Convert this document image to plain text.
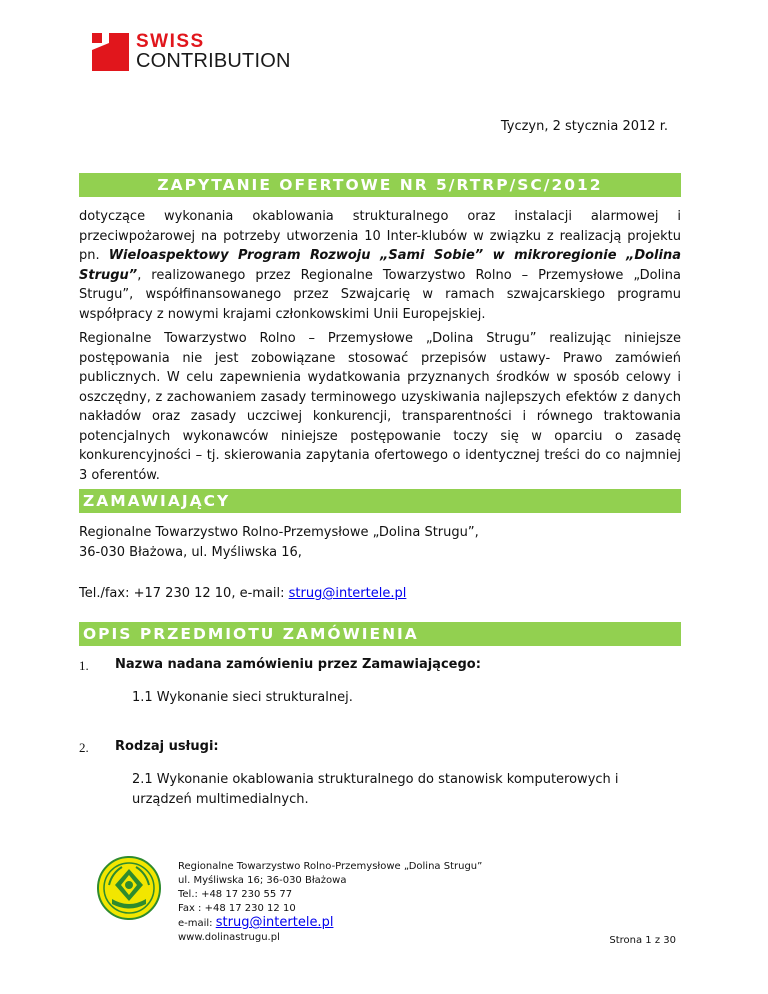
SWISS
CONTRIBUTION
Tyczyn, 2 stycznia 2012 r.
ZAPYTANIE OFERTOWE NR 5/RTRP/SC/2012
dotyczące wykonania okablowania strukturalnego oraz instalacji alarmowej i przeciwpożarowej na potrzeby utworzenia 10 Inter-klubów w związku z realizacją projektu pn. Wieloaspektowy Program Rozwoju „Sami Sobie” w mikroregionie „Dolina Strugu”, realizowanego przez Regionalne Towarzystwo Rolno – Przemysłowe „Dolina Strugu”, współfinansowanego przez Szwajcarię w ramach szwajcarskiego programu współpracy z nowymi krajami członkowskimi Unii Europejskiej.
Regionalne Towarzystwo Rolno – Przemysłowe „Dolina Strugu” realizując niniejsze postępowania nie jest zobowiązane stosować przepisów ustawy- Prawo zamówień publicznych. W celu zapewnienia wydatkowania przyznanych środków w sposób celowy i oszczędny, z zachowaniem zasady terminowego uzyskiwania najlepszych efektów z danych nakładów oraz zasady uczciwej konkurencji, transparentności i równego traktowania potencjalnych wykonawców niniejsze postępowanie toczy się w oparciu o zasadę konkurencyjności – tj. skierowania zapytania ofertowego o identycznej treści do co najmniej 3 oferentów.
ZAMAWIAJĄCY
Regionalne Towarzystwo Rolno-Przemysłowe „Dolina Strugu”,
36-030 Błażowa, ul. Myśliwska 16,
Tel./fax: +17 230 12 10, e-mail: strug@intertele.pl
OPIS PRZEDMIOTU ZAMÓWIENIA
1. Nazwa nadana zamówieniu przez Zamawiającego:
1.1 Wykonanie sieci strukturalnej.
2. Rodzaj usługi:
2.1 Wykonanie okablowania strukturalnego do stanowisk komputerowych i urządzeń multimedialnych.
Regionalne Towarzystwo Rolno-Przemysłowe „Dolina Strugu”
ul. Myśliwska 16; 36-030 Błażowa
Tel.: +48 17 230 55 77
Fax : +48 17 230 12 10
e-mail: strug@intertele.pl
www.dolinastrugu.pl	Strona 1 z 30
